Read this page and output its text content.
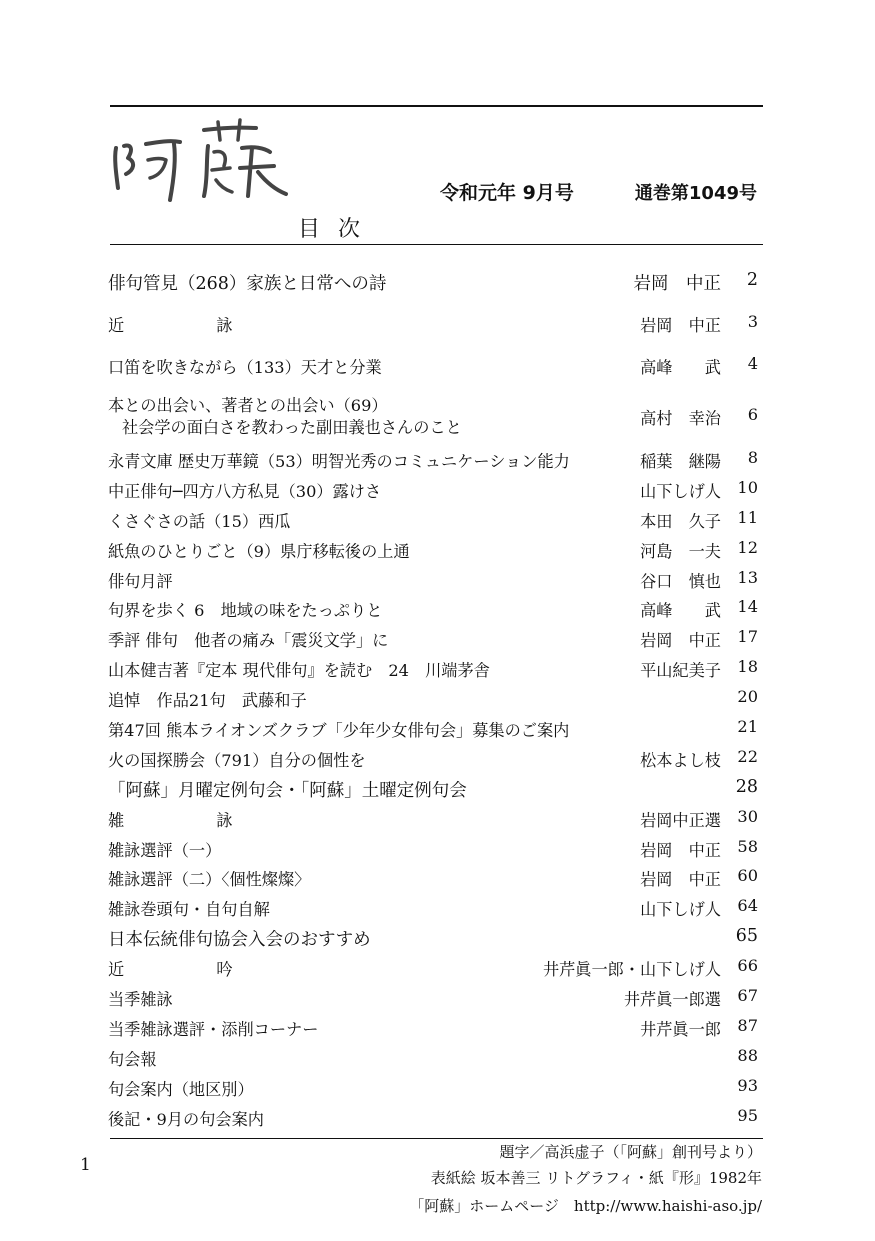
令和元年 9月号	通巻第1049号
目次
俳句管見（268）家族と日常への詩	岩岡　中正	2
近　詠	岩岡　中正	3
口笛を吹きながら（133）天才と分業	高峰　　武	4
本との出会い、著者との出会い（69）
社会学の面白さを教わった副田義也さんのこと	高村　幸治	6
永青文庫 歴史万華鏡（53）明智光秀のコミュニケーション能力	稲葉　継陽	8
中正俳句─四方八方私見（30）露けさ	山下しげ人	10
くさぐさの話（15）西瓜	本田　久子	11
紙魚のひとりごと（9）県庁移転後の上通	河島　一夫	12
俳句月評	谷口　慎也	13
句界を歩く 6　地域の味をたっぷりと	高峰　　武	14
季評 俳句　他者の痛み「震災文学」に	岩岡　中正	17
山本健吉著『定本 現代俳句』を読む　24　川端茅舎	平山紀美子	18
追悼　作品21句　武藤和子	20
第47回 熊本ライオンズクラブ「少年少女俳句会」募集のご案内	21
火の国探勝会（791）自分の個性を	松本よし枝	22
「阿蘇」月曜定例句会・「阿蘇」土曜定例句会	28
雑　詠	岩岡中正選	30
雑詠選評（一）	岩岡　中正	58
雑詠選評（二）〈個性燦燦〉	岩岡　中正	60
雑詠巻頭句・自句自解	山下しげ人	64
日本伝統俳句協会入会のおすすめ	65
近　吟	井芹眞一郎・山下しげ人	66
当季雑詠	井芹眞一郎選	67
当季雑詠選評・添削コーナー	井芹眞一郎	87
句会報	88
句会案内（地区別）	93
後記・9月の句会案内	95
1
題字／高浜虚子（「阿蘇」創刊号より）
表紙絵 坂本善三 リトグラフィ・紙『形』1982年
「阿蘇」ホームページ　http://www.haishi-aso.jp/
